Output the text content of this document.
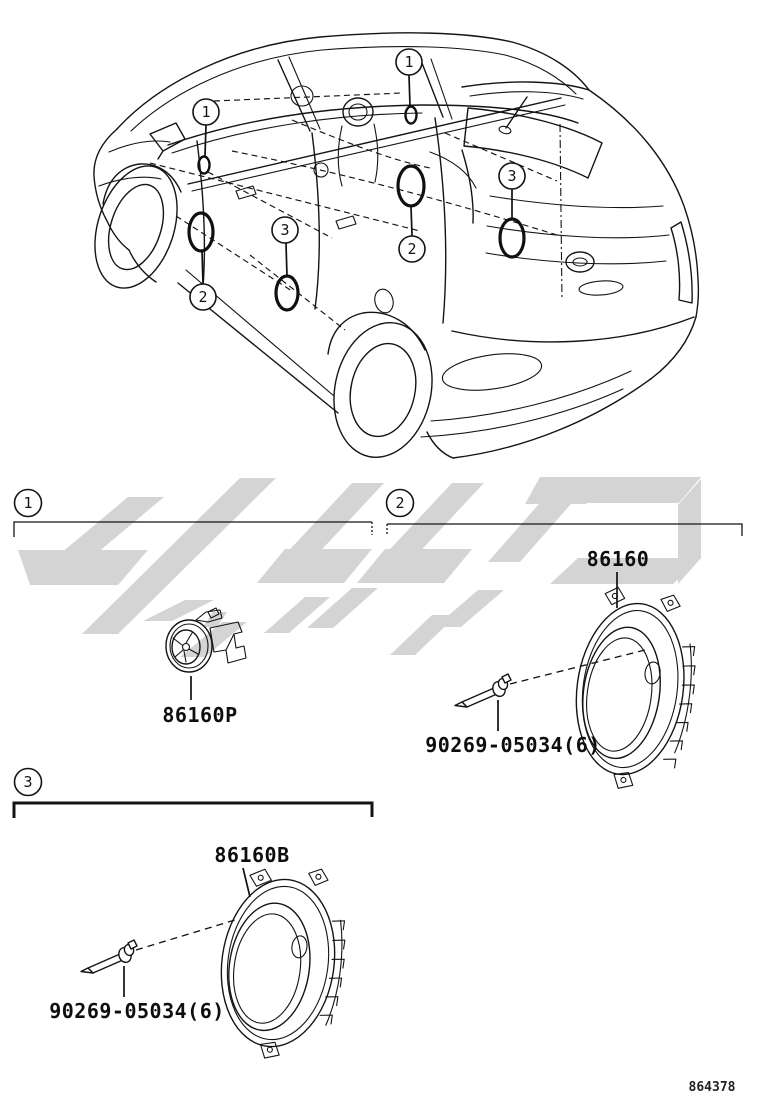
1
1
2
3
2
3
1
86160P
2
86160
90269-05034(6)
3
86160B
90269-05034(6)
864378
